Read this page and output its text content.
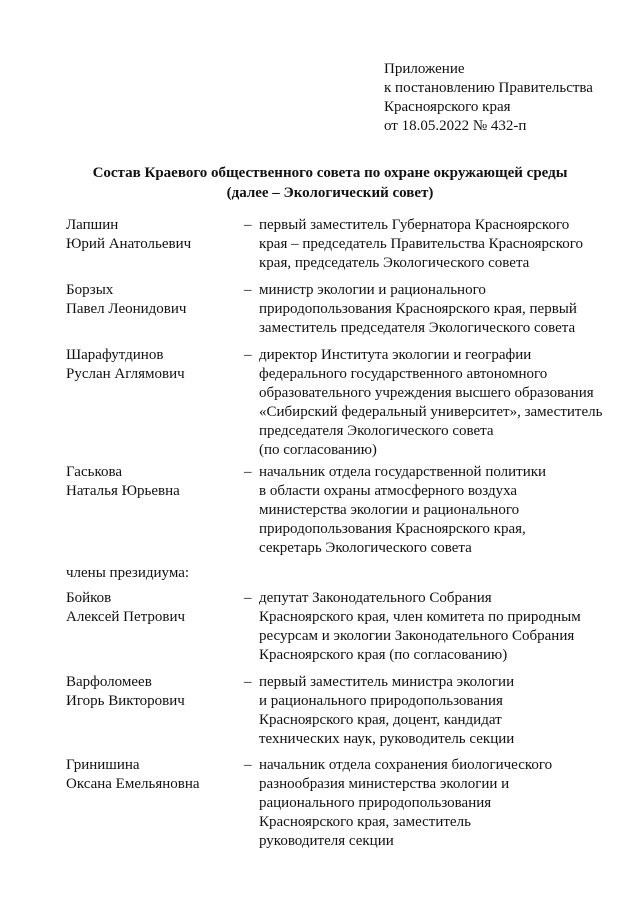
Приложение
к постановлению Правительства
Красноярского края
от 18.05.2022 № 432-п
Состав Краевого общественного совета по охране окружающей среды
(далее – Экологический совет)
Лапшин
Юрий Анатольевич
– первый заместитель Губернатора Красноярского
края – председатель Правительства Красноярского
края, председатель Экологического совета
Борзых
Павел Леонидович
– министр экологии и рационального
природопользования Красноярского края, первый
заместитель председателя Экологического совета
Шарафутдинов
Руслан Аглямович
– директор Института экологии и географии
федерального государственного автономного
образовательного учреждения высшего образования
«Сибирский федеральный университет», заместитель
председателя Экологического совета
(по согласованию)
Гаськова
Наталья Юрьевна
– начальник отдела государственной политики
в области охраны атмосферного воздуха
министерства экологии и рационального
природопользования Красноярского края,
секретарь Экологического совета
члены президиума:
Бойков
Алексей Петрович
– депутат Законодательного Собрания
Красноярского края, член комитета по природным
ресурсам и экологии Законодательного Собрания
Красноярского края (по согласованию)
Варфоломеев
Игорь Викторович
– первый заместитель министра экологии
и рационального природопользования
Красноярского края, доцент, кандидат
технических наук, руководитель секции
Гринишина
Оксана Емельяновна
– начальник отдела сохранения биологического
разнообразия министерства экологии и
рационального природопользования
Красноярского края, заместитель
руководителя секции
